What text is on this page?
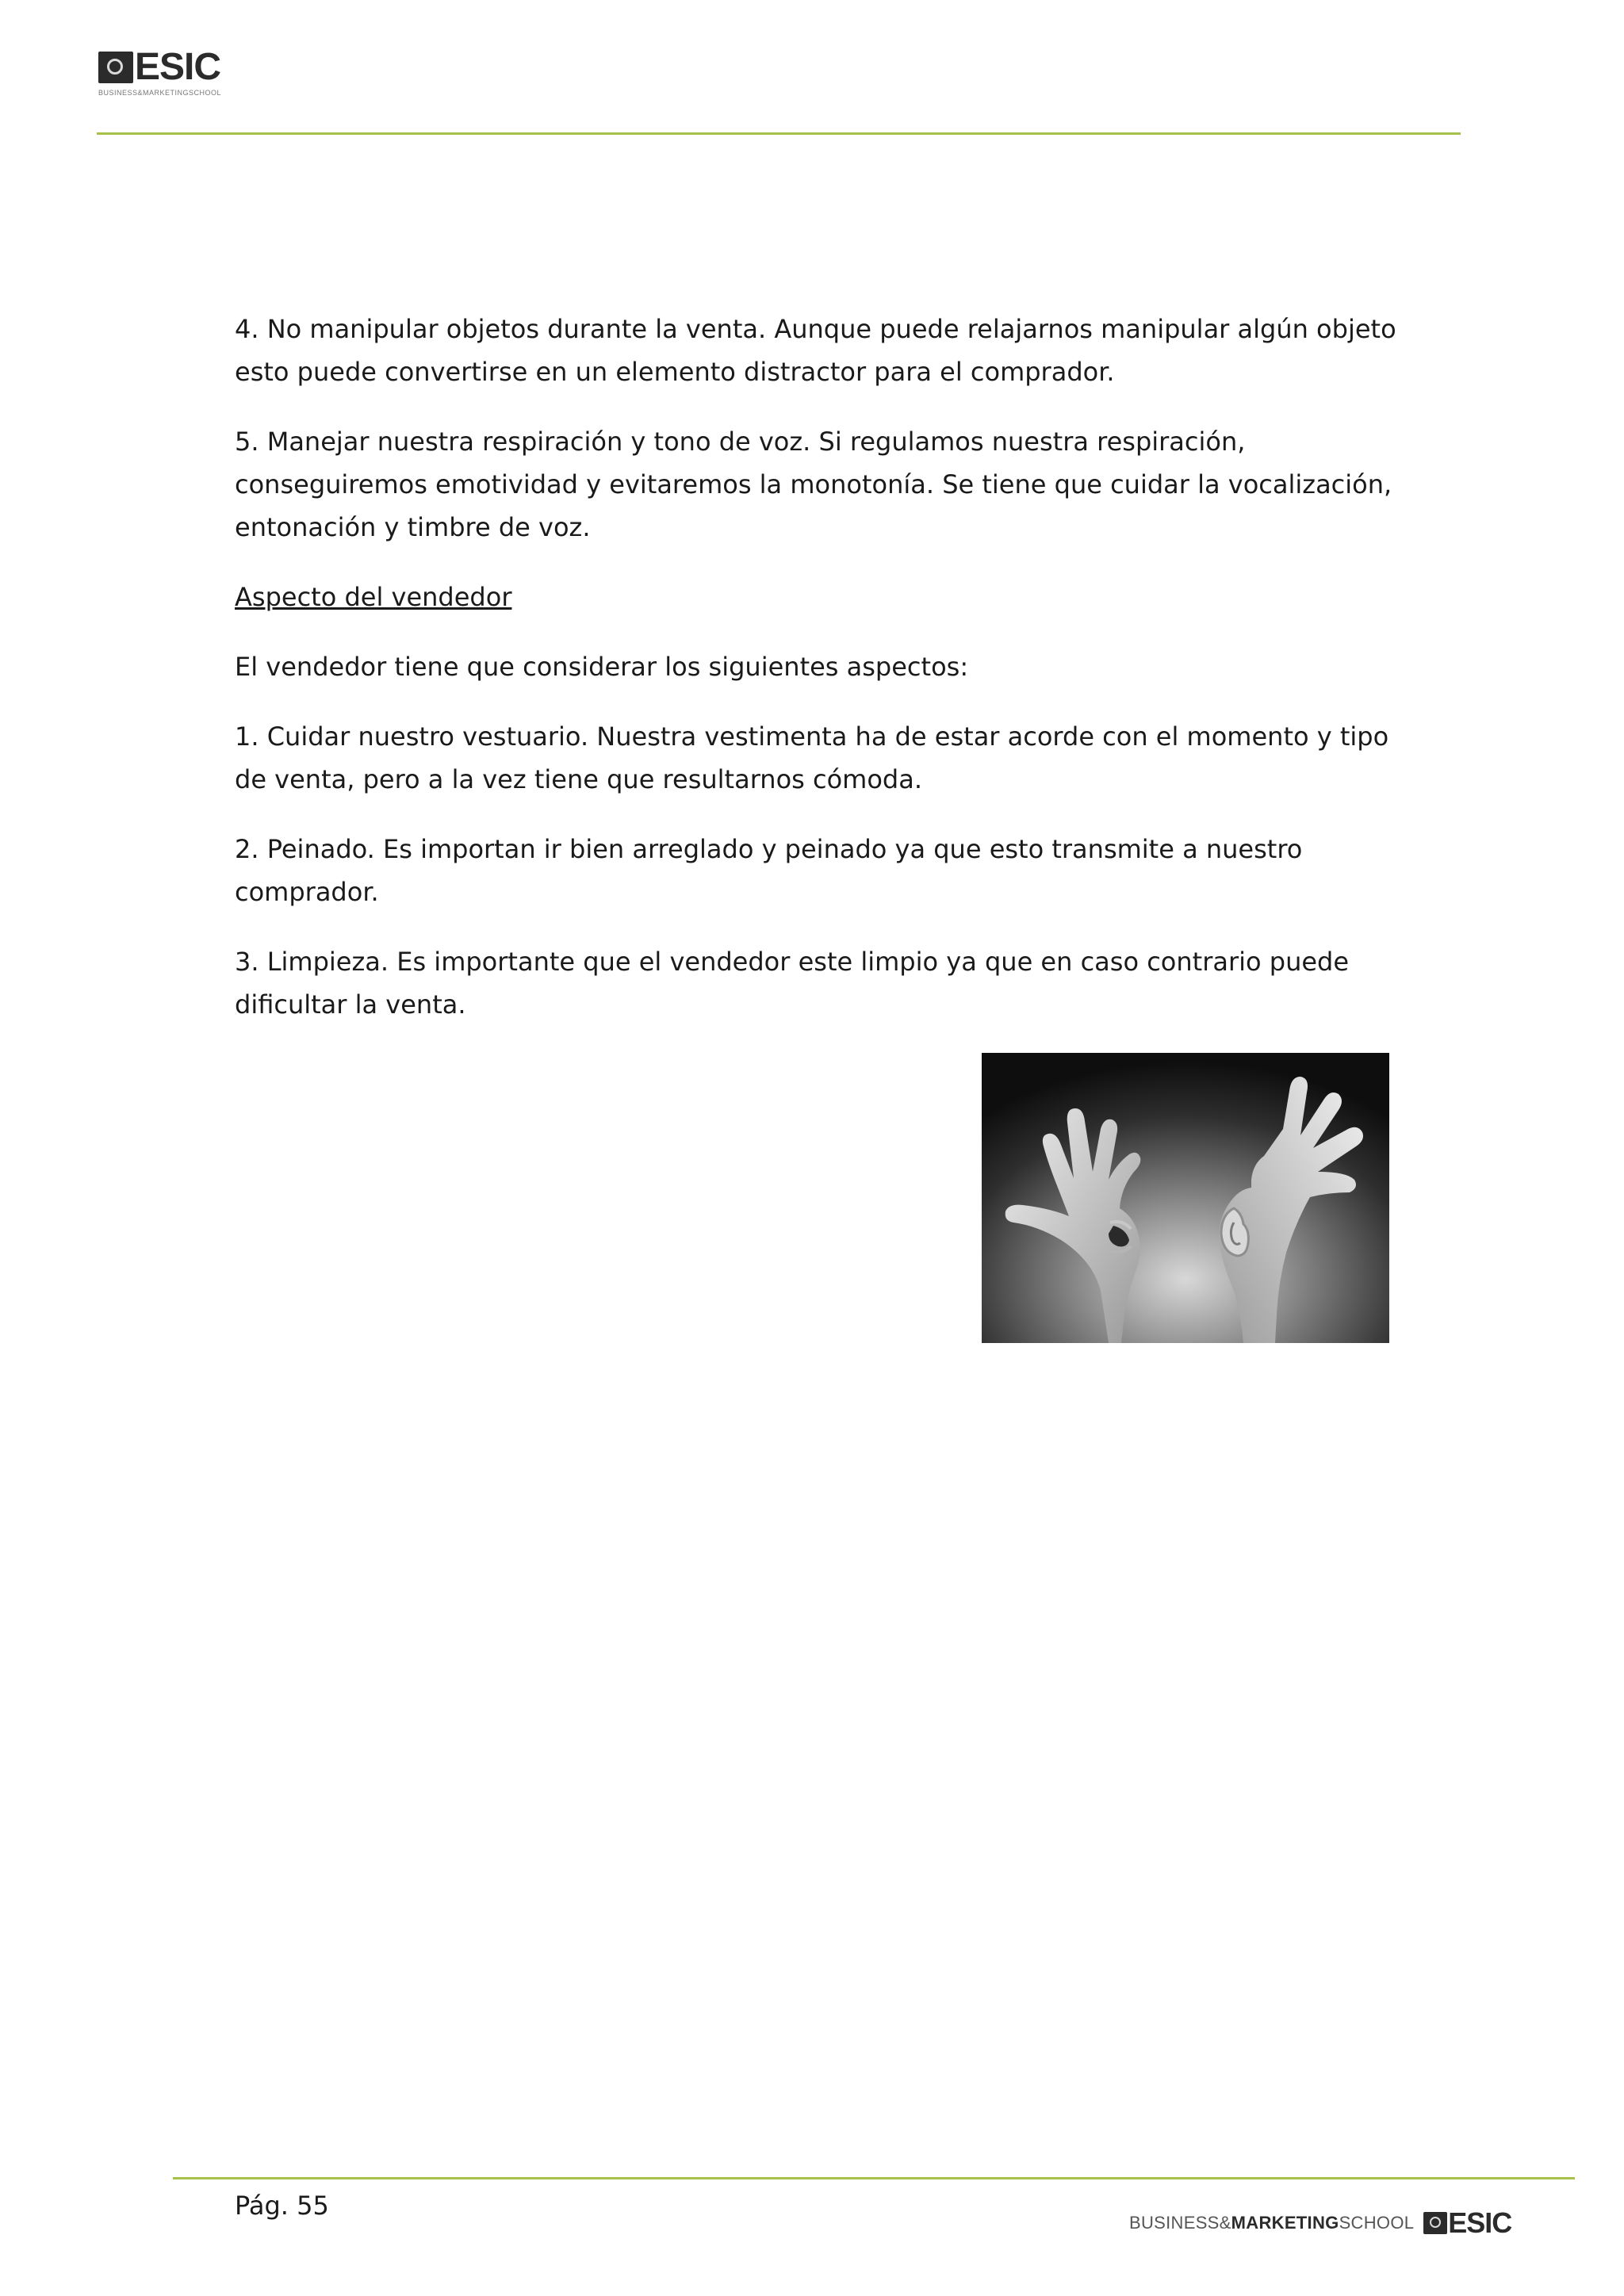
ESIC
BUSINESS&MARKETINGSCHOOL

4. No manipular objetos durante la venta. Aunque puede relajarnos manipular algún objeto esto puede convertirse en un elemento distractor para el comprador.

5. Manejar nuestra respiración y tono de voz. Si regulamos nuestra respiración, conseguiremos emotividad y evitaremos la monotonía. Se tiene que cuidar la vocalización, entonación y timbre de voz.

Aspecto del vendedor

El vendedor tiene que considerar los siguientes aspectos:

1. Cuidar nuestro vestuario. Nuestra vestimenta ha de estar acorde con el momento y tipo de venta, pero a la vez tiene que resultarnos cómoda.

2. Peinado. Es importan ir bien arreglado y peinado ya que esto transmite a nuestro comprador.

3. Limpieza. Es importante que el vendedor este limpio ya que en caso contrario puede dificultar la venta.

Pág. 55
BUSINESS&MARKETINGSCHOOL ESIC
